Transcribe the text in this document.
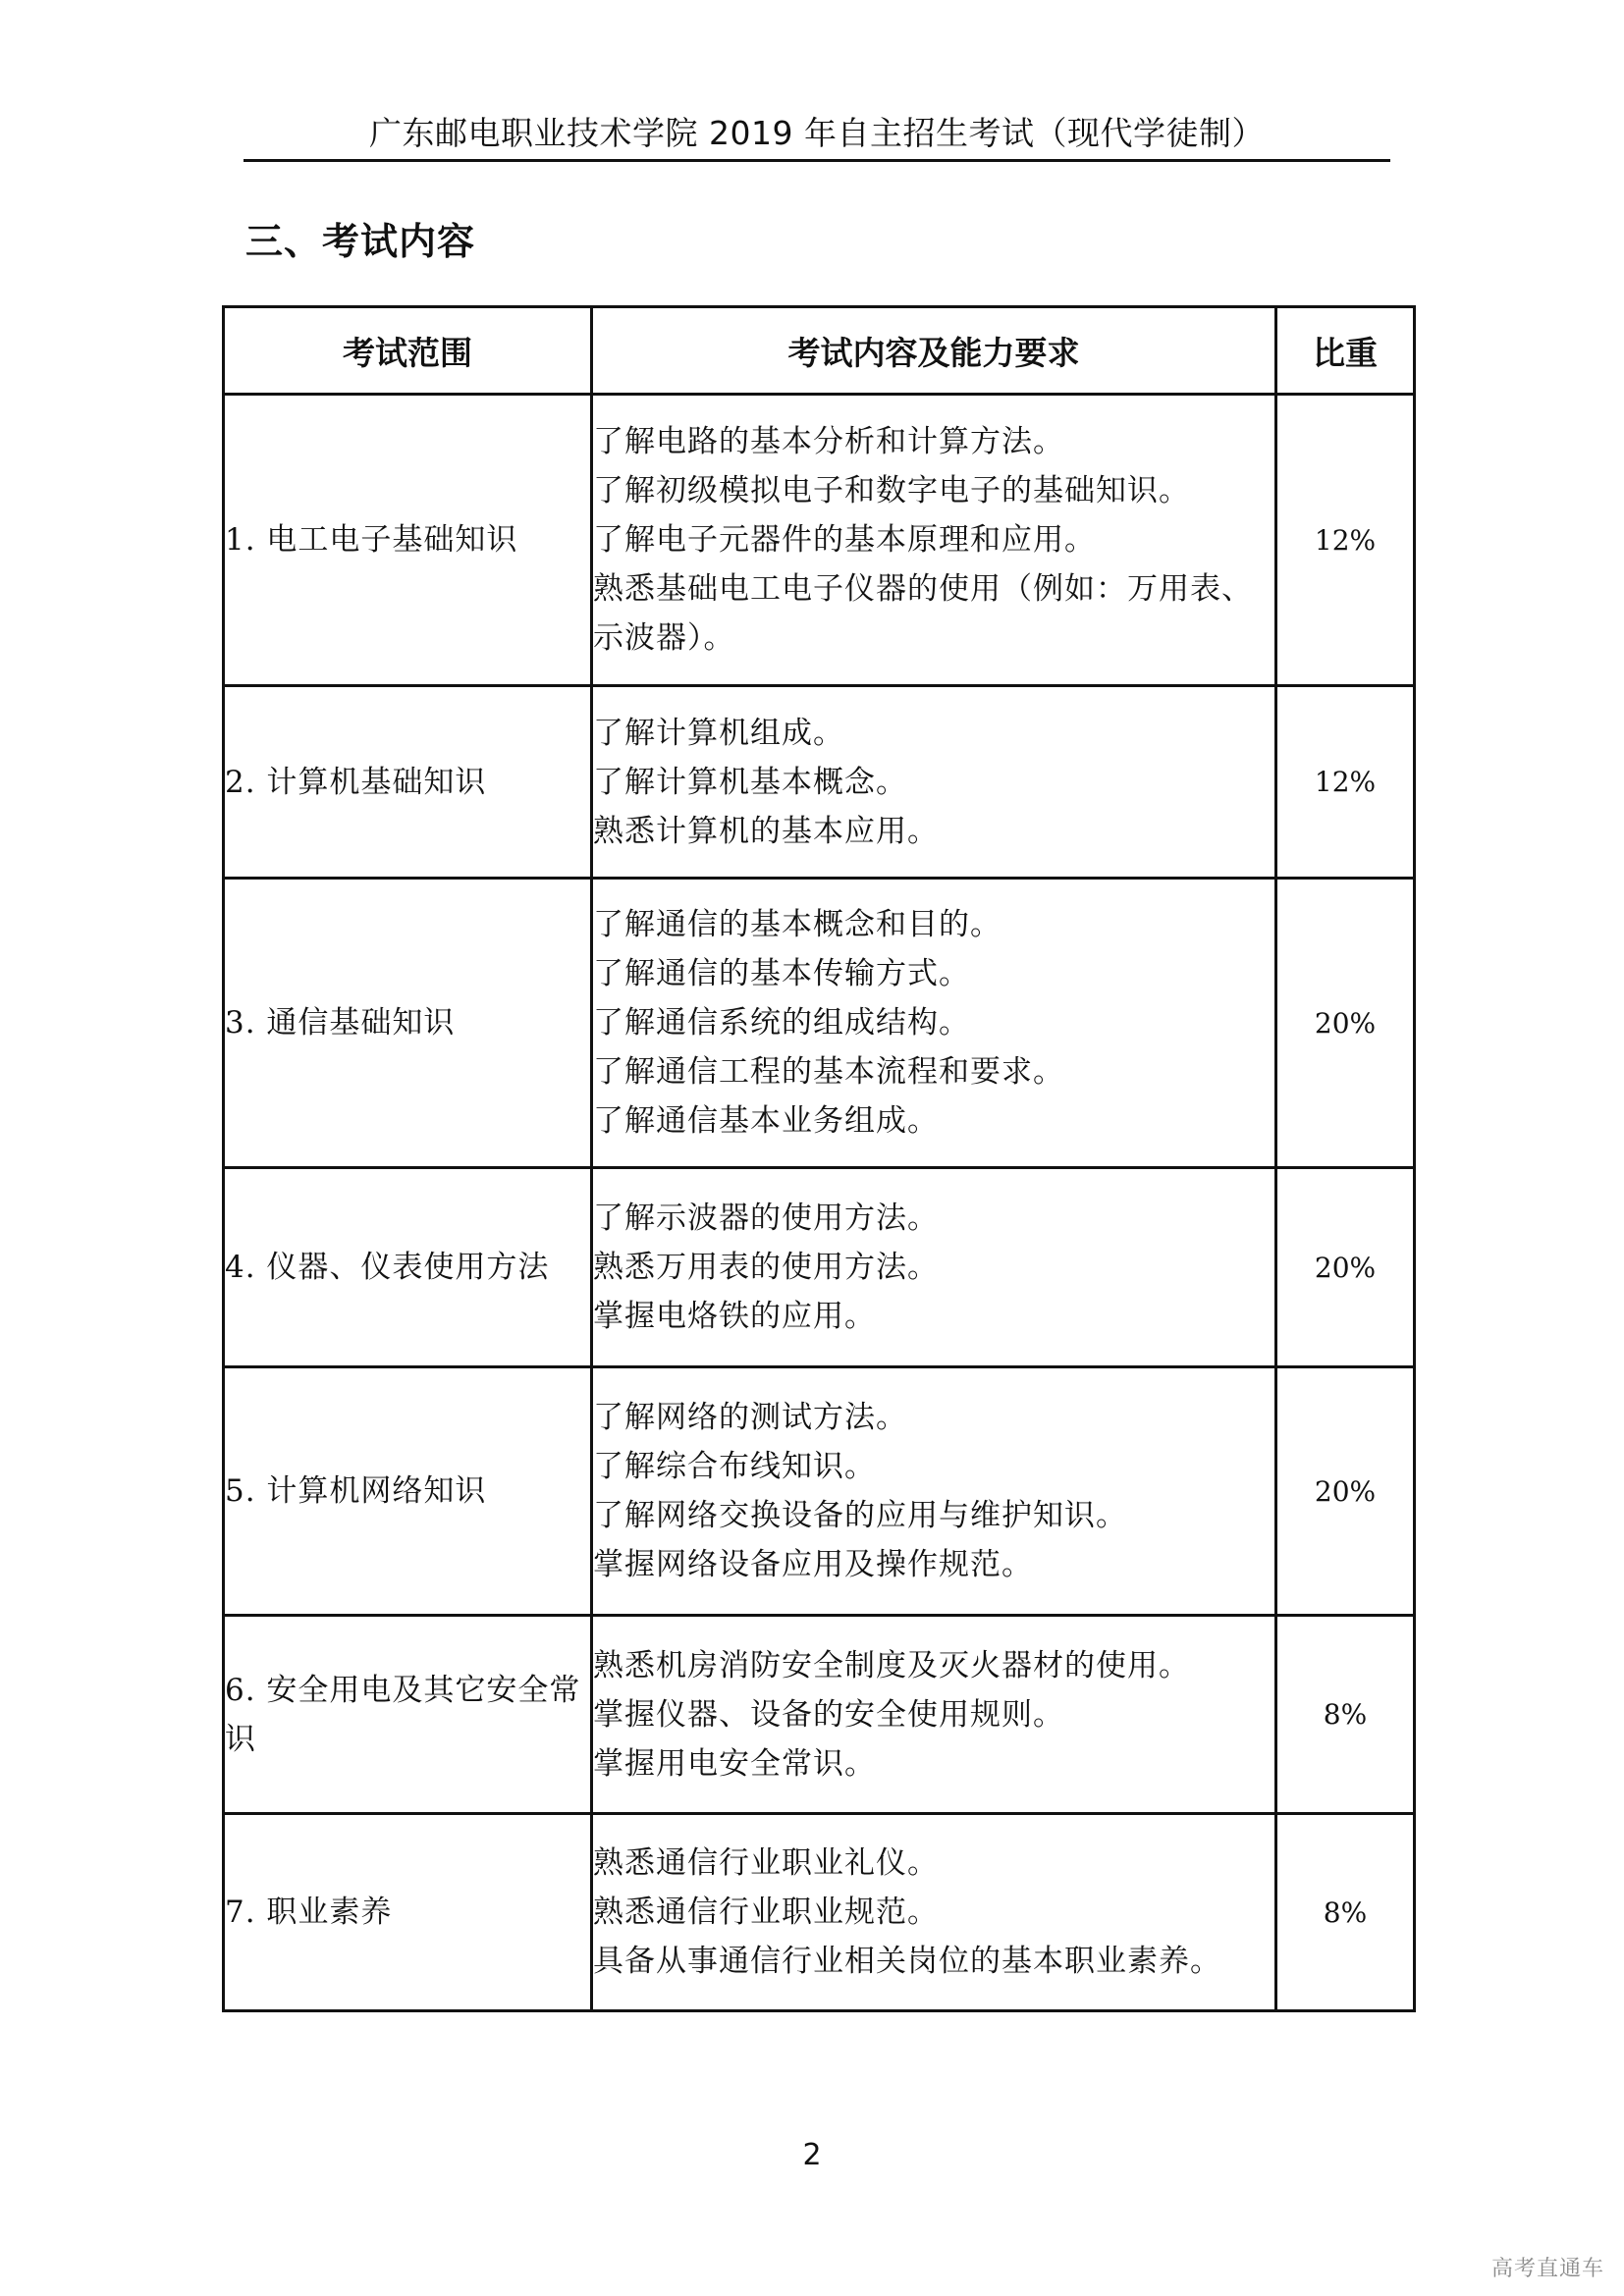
广东邮电职业技术学院 2019 年自主招生考试（现代学徒制）
三、考试内容
考试范围	考试内容及能力要求	比重
1. 电工电子基础知识	了解电路的基本分析和计算方法。
了解初级模拟电子和数字电子的基础知识。
了解电子元器件的基本原理和应用。
熟悉基础电工电子仪器的使用（例如：万用表、示波器）。	12%
2. 计算机基础知识	了解计算机组成。
了解计算机基本概念。
熟悉计算机的基本应用。	12%
3. 通信基础知识	了解通信的基本概念和目的。
了解通信的基本传输方式。
了解通信系统的组成结构。
了解通信工程的基本流程和要求。
了解通信基本业务组成。	20%
4. 仪器、仪表使用方法	了解示波器的使用方法。
熟悉万用表的使用方法。
掌握电烙铁的应用。	20%
5. 计算机网络知识	了解网络的测试方法。
了解综合布线知识。
了解网络交换设备的应用与维护知识。
掌握网络设备应用及操作规范。	20%
6. 安全用电及其它安全常识	熟悉机房消防安全制度及灭火器材的使用。
掌握仪器、设备的安全使用规则。
掌握用电安全常识。	8%
7. 职业素养	熟悉通信行业职业礼仪。
熟悉通信行业职业规范。
具备从事通信行业相关岗位的基本职业素养。	8%
2
高考直通车
